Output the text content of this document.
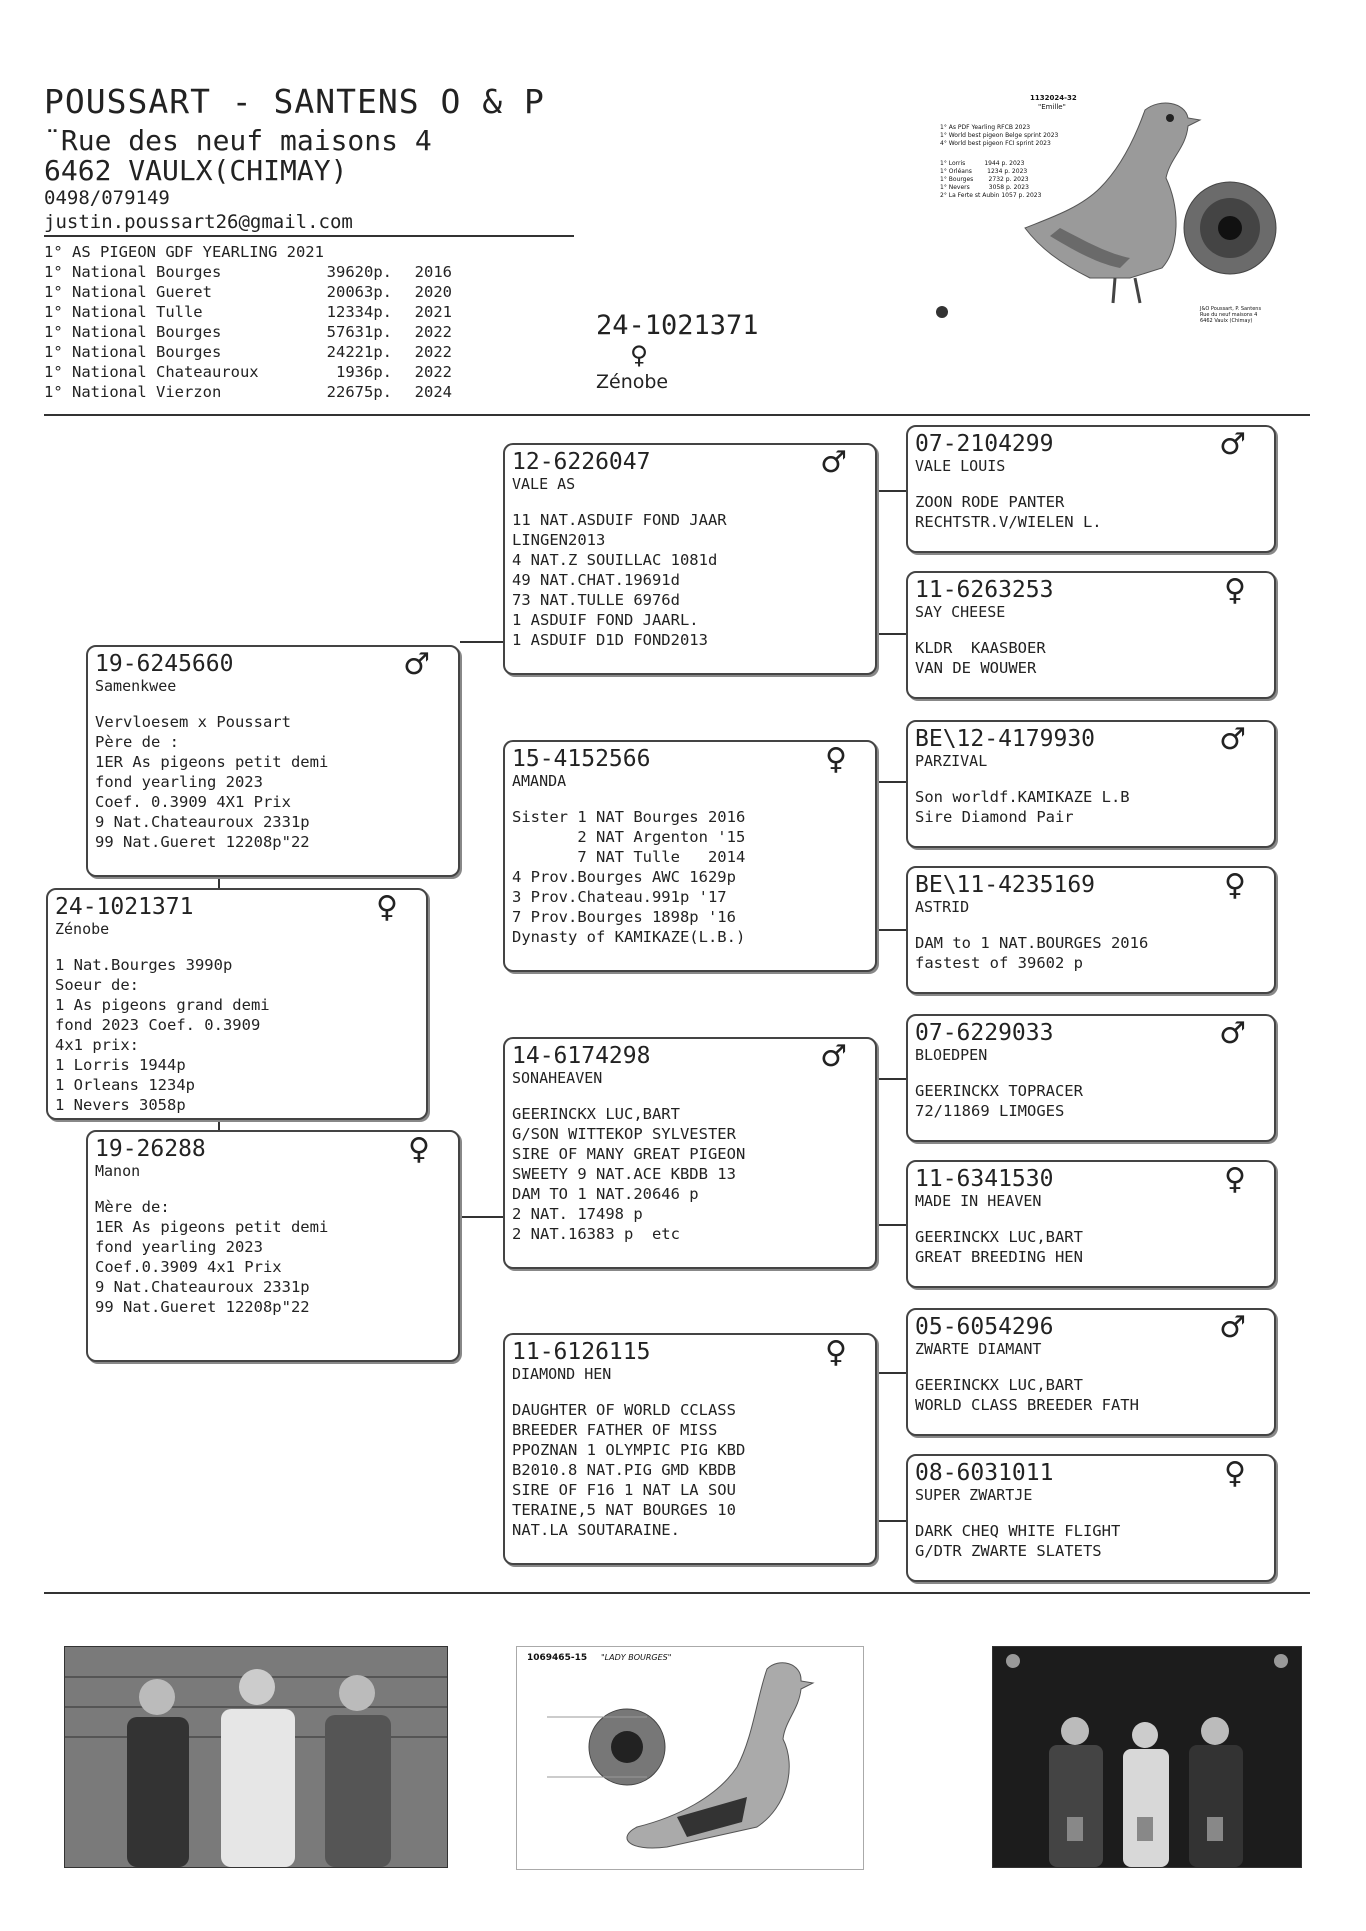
POUSSART - SANTENS O & P
¨Rue des neuf maisons 4
6462 VAULX(CHIMAY)
0498/079149
justin.poussart26@gmail.com
1° AS PIGEON GDF YEARLING 2021
1° National Bourges	39620p.	2016
1° National Gueret	20063p.	2020
1° National Tulle	12334p.	2021
1° National Bourges	57631p.	2022
1° National Bourges	24221p.	2022
1° National Chateauroux	1936p.	2022
1° National Vierzon	22675p.	2024
24-1021371
♀
Zénobe
1132024-32
"Emille"
1° As PDF Yearling RFCB 2023
1° World best pigeon Belge sprint 2023
4° World best pigeon FCI sprint 2023
1° Lorris          1944 p. 2023
1° Orléans        1234 p. 2023
1° Bourges        2732 p. 2023
1° Nevers          3058 p. 2023
2° La Ferte st Aubin 1057 p. 2023
J&O Poussart, P. Santens
Rue du neuf maisons 4
6462 Vaulx (Chimay)
24-1021371
Zénobe
♀
1 Nat.Bourges 3990p
Soeur de:
1 As pigeons grand demi
fond 2023 Coef. 0.3909
4x1 prix:
1 Lorris 1944p
1 Orleans 1234p
1 Nevers 3058p
19-6245660
Samenkwee
♂
Vervloesem x Poussart
Père de :
1ER As pigeons petit demi
fond yearling 2023
Coef. 0.3909 4X1 Prix
9 Nat.Chateauroux 2331p
99 Nat.Gueret 12208p"22
19-26288
Manon
♀
Mère de:
1ER As pigeons petit demi
fond yearling 2023
Coef.0.3909 4x1 Prix
9 Nat.Chateauroux 2331p
99 Nat.Gueret 12208p"22
12-6226047
VALE AS
♂
11 NAT.ASDUIF FOND JAAR
LINGEN2013
4 NAT.Z SOUILLAC 1081d
49 NAT.CHAT.19691d
73 NAT.TULLE 6976d
1 ASDUIF FOND JAARL.
1 ASDUIF D1D FOND2013
15-4152566
AMANDA
♀
Sister 1 NAT Bourges 2016
2 NAT Argenton '15
7 NAT Tulle   2014
4 Prov.Bourges AWC 1629p
3 Prov.Chateau.991p '17
7 Prov.Bourges 1898p '16
Dynasty of KAMIKAZE(L.B.)
14-6174298
SONAHEAVEN
♂
GEERINCKX LUC,BART
G/SON WITTEKOP SYLVESTER
SIRE OF MANY GREAT PIGEON
SWEETY 9 NAT.ACE KBDB 13
DAM TO 1 NAT.20646 p
2 NAT. 17498 p
2 NAT.16383 p  etc
11-6126115
DIAMOND HEN
♀
DAUGHTER OF WORLD CCLASS
BREEDER FATHER OF MISS
PPOZNAN 1 OLYMPIC PIG KBD
B2010.8 NAT.PIG GMD KBDB
SIRE OF F16 1 NAT LA SOU
TERAINE,5 NAT BOURGES 10
NAT.LA SOUTARAINE.
07-2104299
VALE LOUIS
♂
ZOON RODE PANTER
RECHTSTR.V/WIELEN L.
11-6263253
SAY CHEESE
♀
KLDR  KAASBOER
VAN DE WOUWER
BE\12-4179930
PARZIVAL
♂
Son worldf.KAMIKAZE L.B
Sire Diamond Pair
BE\11-4235169
ASTRID
♀
DAM to 1 NAT.BOURGES 2016
fastest of 39602 p
07-6229033
BLOEDPEN
♂
GEERINCKX TOPRACER
72/11869 LIMOGES
11-6341530
MADE IN HEAVEN
♀
GEERINCKX LUC,BART
GREAT BREEDING HEN
05-6054296
ZWARTE DIAMANT
♂
GEERINCKX LUC,BART
WORLD CLASS BREEDER FATH
08-6031011
SUPER ZWARTJE
♀
DARK CHEQ WHITE FLIGHT
G/DTR ZWARTE SLATETS
1069465-15 "LADY BOURGES"
